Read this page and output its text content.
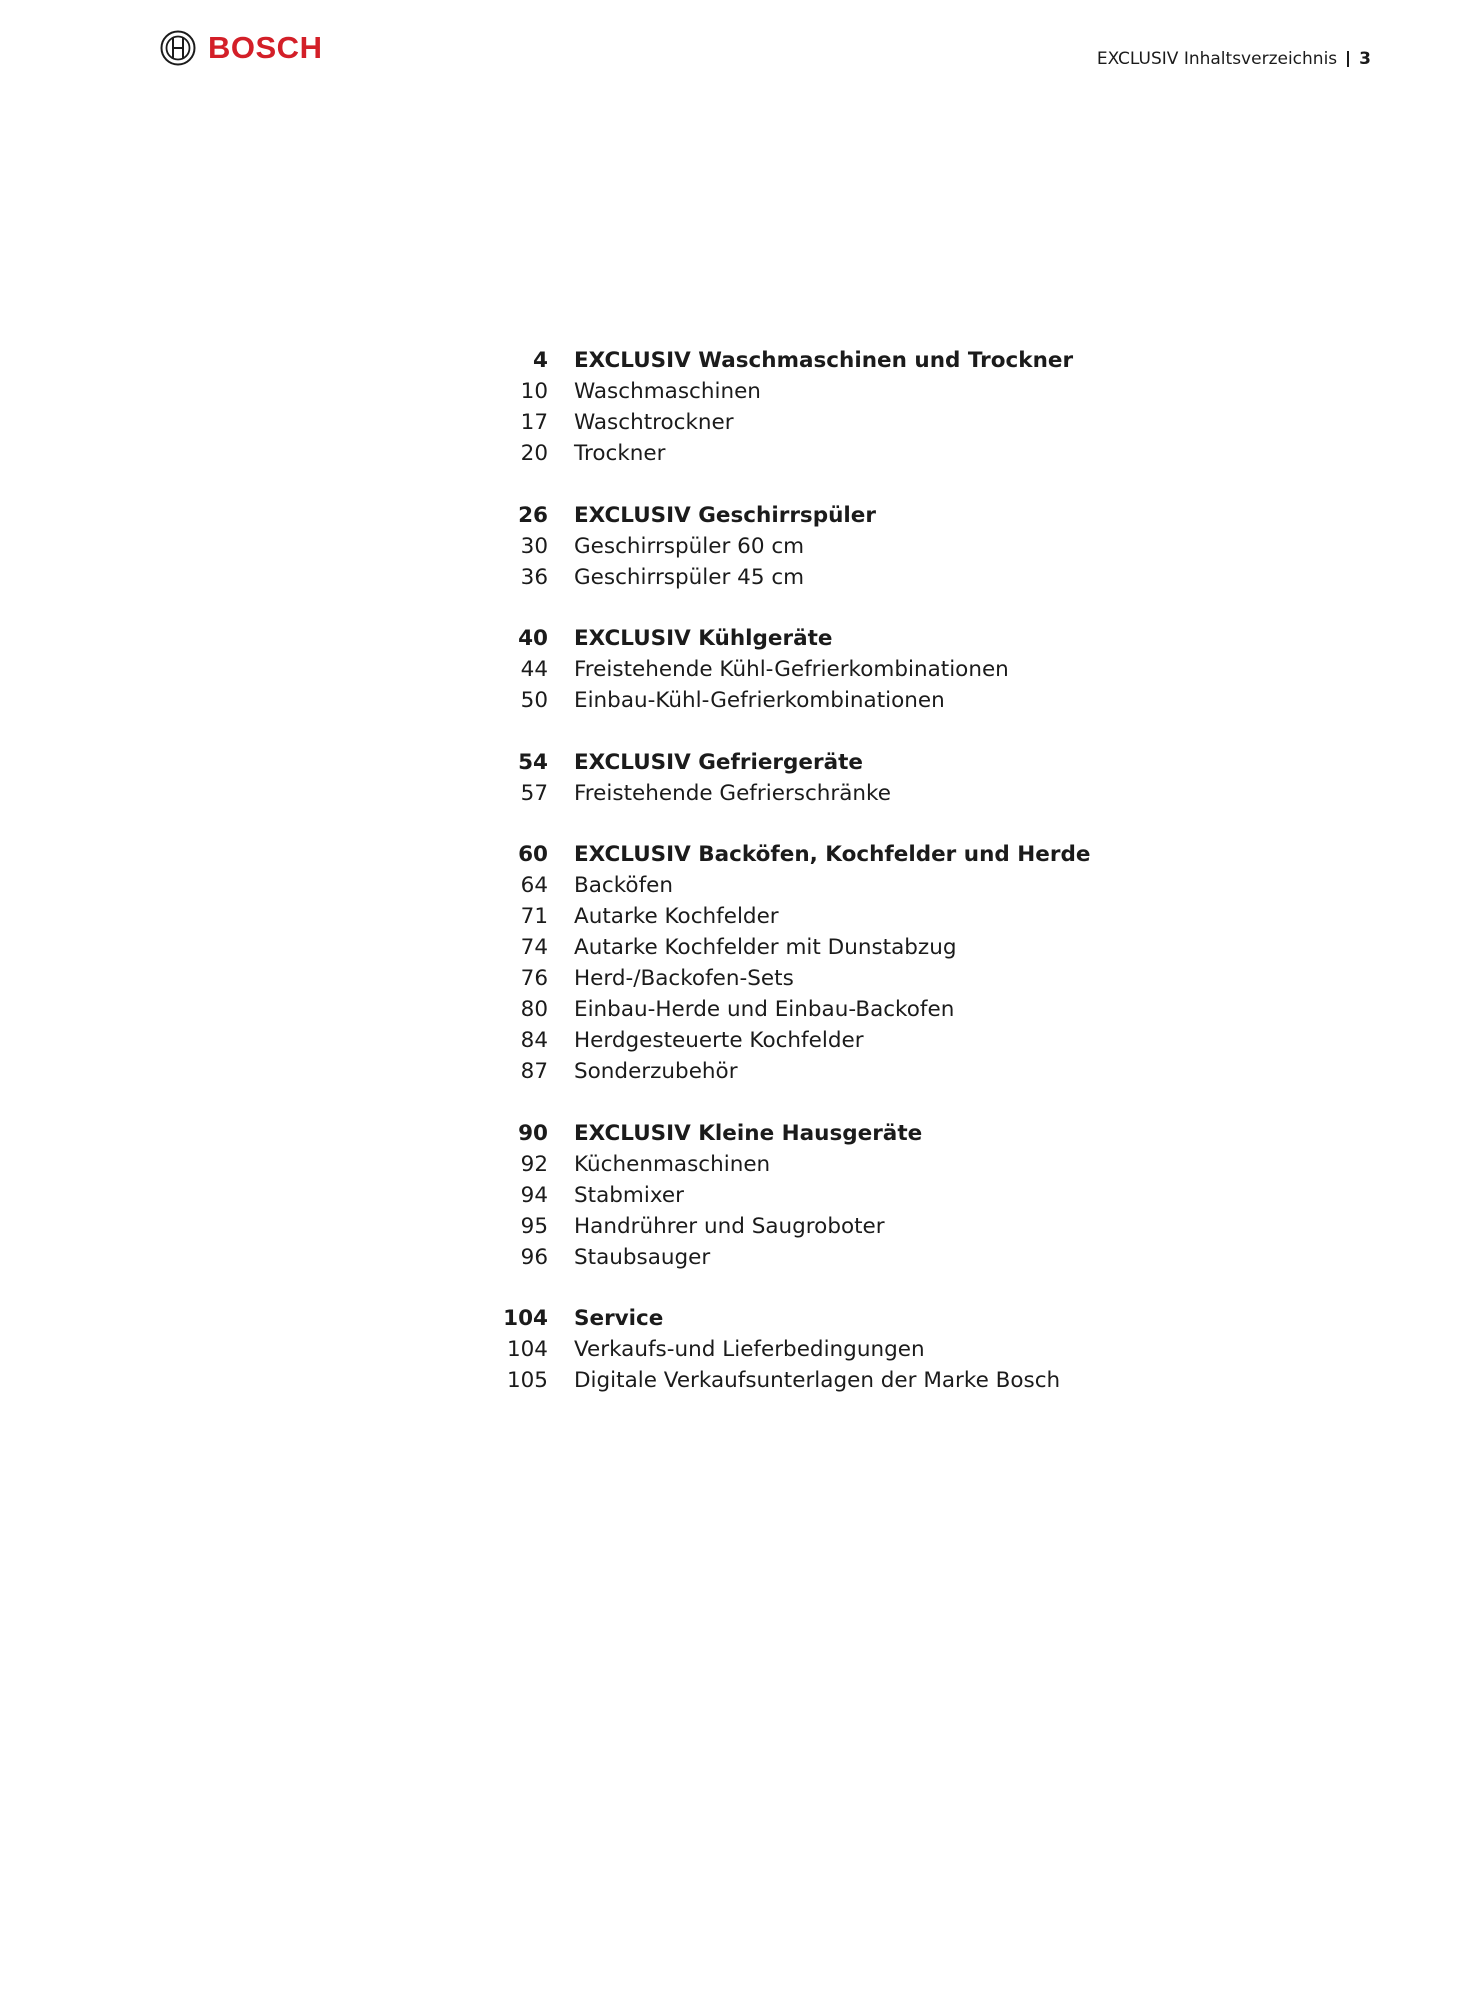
BOSCH	EXCLUSIV Inhaltsverzeichnis 3
4 EXCLUSIV Waschmaschinen und Trockner
10 Waschmaschinen
17 Waschtrockner
20 Trockner
26 EXCLUSIV Geschirrspüler
30 Geschirrspüler 60 cm
36 Geschirrspüler 45 cm
40 EXCLUSIV Kühlgeräte
44 Freistehende Kühl-Gefrierkombinationen
50 Einbau-Kühl-Gefrierkombinationen
54 EXCLUSIV Gefriergeräte
57 Freistehende Gefrierschränke
60 EXCLUSIV Backöfen, Kochfelder und Herde
64 Backöfen
71 Autarke Kochfelder
74 Autarke Kochfelder mit Dunstabzug
76 Herd-/Backofen-Sets
80 Einbau-Herde und Einbau-Backofen
84 Herdgesteuerte Kochfelder
87 Sonderzubehör
90 EXCLUSIV Kleine Hausgeräte
92 Küchenmaschinen
94 Stabmixer
95 Handrührer und Saugroboter
96 Staubsauger
104 Service
104 Verkaufs-und Lieferbedingungen
105 Digitale Verkaufsunterlagen der Marke Bosch
